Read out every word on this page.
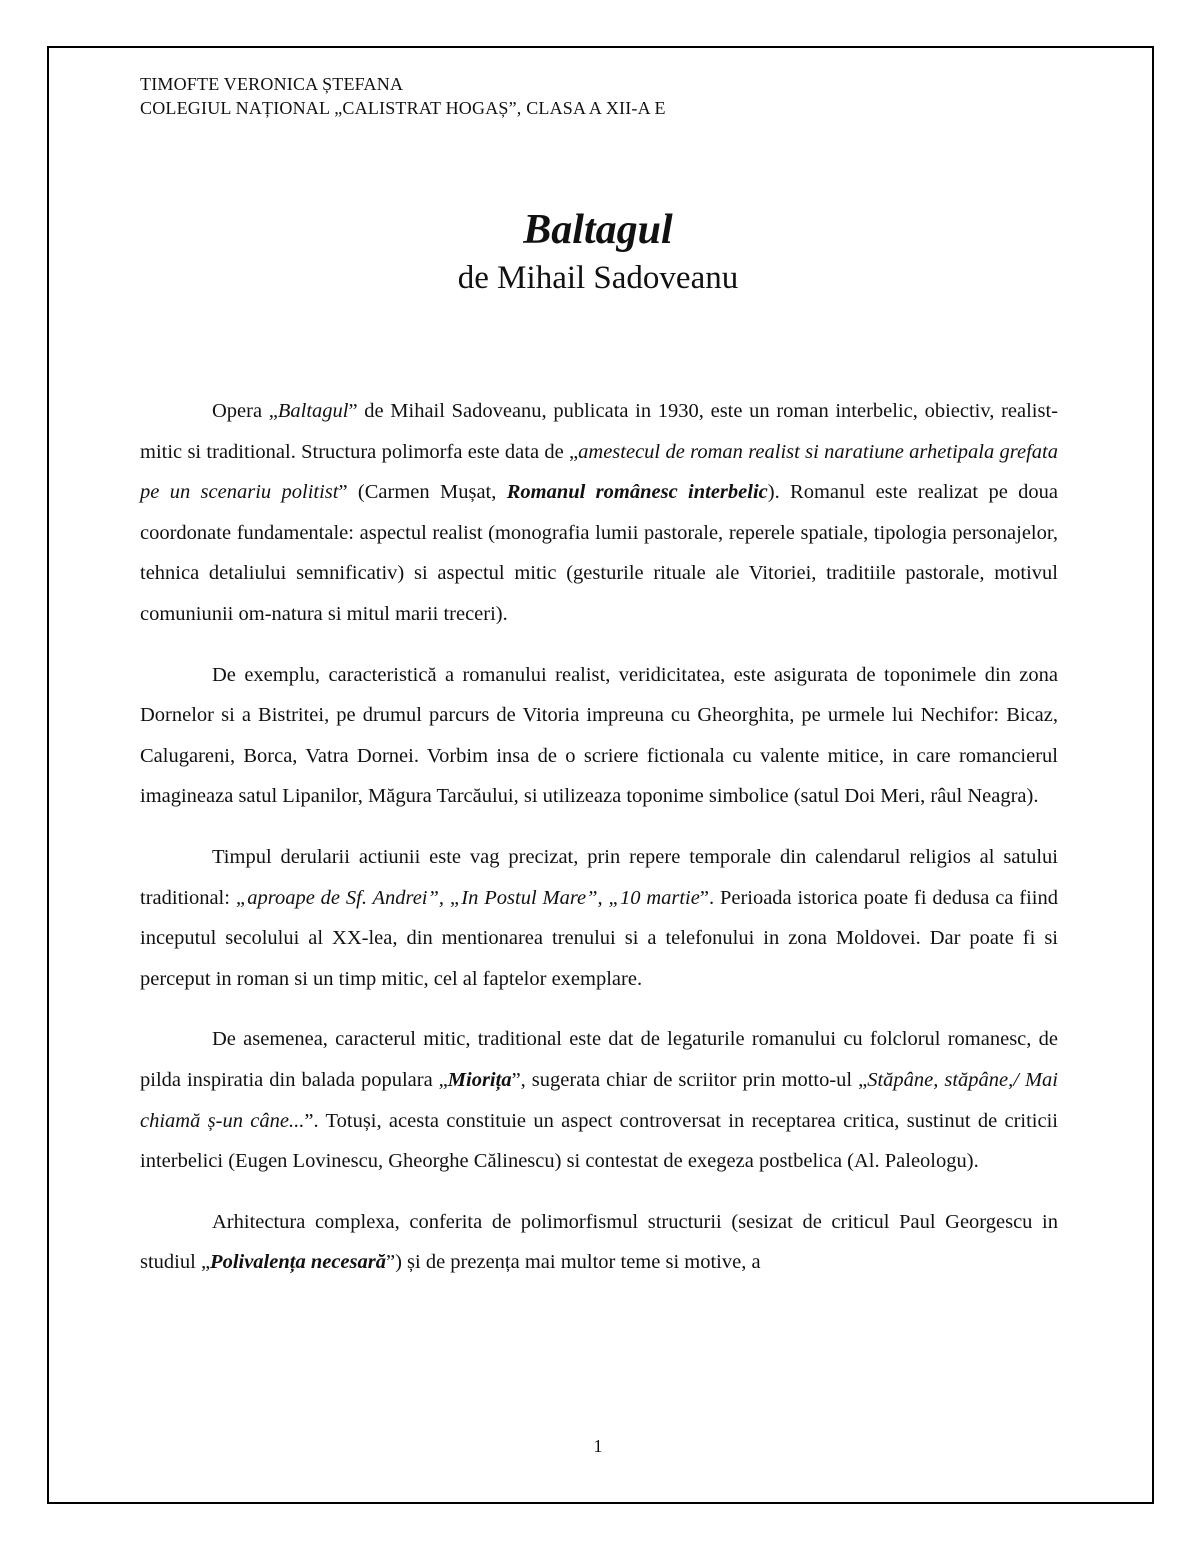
TIMOFTE VERONICA ȘTEFANA
COLEGIUL NAȚIONAL „CALISTRAT HOGAȘ”, CLASA A XII-A E
Baltagul
de Mihail Sadoveanu

Opera „Baltagul” de Mihail Sadoveanu, publicata in 1930, este un roman interbelic, obiectiv, realist-mitic si traditional. Structura polimorfa este data de „amestecul de roman realist si naratiune arhetipala grefata pe un scenariu politist” (Carmen Mușat, Romanul românesc interbelic). Romanul este realizat pe doua coordonate fundamentale: aspectul realist (monografia lumii pastorale, reperele spatiale, tipologia personajelor, tehnica detaliului semnificativ) si aspectul mitic (gesturile rituale ale Vitoriei, traditiile pastorale, motivul comuniunii om-natura si mitul marii treceri).

De exemplu, caracteristică a romanului realist, veridicitatea, este asigurata de toponimele din zona Dornelor si a Bistritei, pe drumul parcurs de Vitoria impreuna cu Gheorghita, pe urmele lui Nechifor: Bicaz, Calugareni, Borca, Vatra Dornei. Vorbim insa de o scriere fictionala cu valente mitice, in care romancierul imagineaza satul Lipanilor, Măgura Tarcăului, si utilizeaza toponime simbolice (satul Doi Meri, râul Neagra).

Timpul derularii actiunii este vag precizat, prin repere temporale din calendarul religios al satului traditional: „aproape de Sf. Andrei”, „In Postul Mare”, „10 martie”. Perioada istorica poate fi dedusa ca fiind inceputul secolului al XX-lea, din mentionarea trenului si a telefonului in zona Moldovei. Dar poate fi si perceput in roman si un timp mitic, cel al faptelor exemplare.

De asemenea, caracterul mitic, traditional este dat de legaturile romanului cu folclorul romanesc, de pilda inspiratia din balada populara „Miorița”, sugerata chiar de scriitor prin motto-ul „Stăpâne, stăpâne,/ Mai chiamă ș-un câne...”. Totuși, acesta constituie un aspect controversat in receptarea critica, sustinut de criticii interbelici (Eugen Lovinescu, Gheorghe Călinescu) si contestat de exegeza postbelica (Al. Paleologu).

Arhitectura complexa, conferita de polimorfismul structurii (sesizat de criticul Paul Georgescu in studiul „Polivalența necesară”) și de prezența mai multor teme si motive, a

1
